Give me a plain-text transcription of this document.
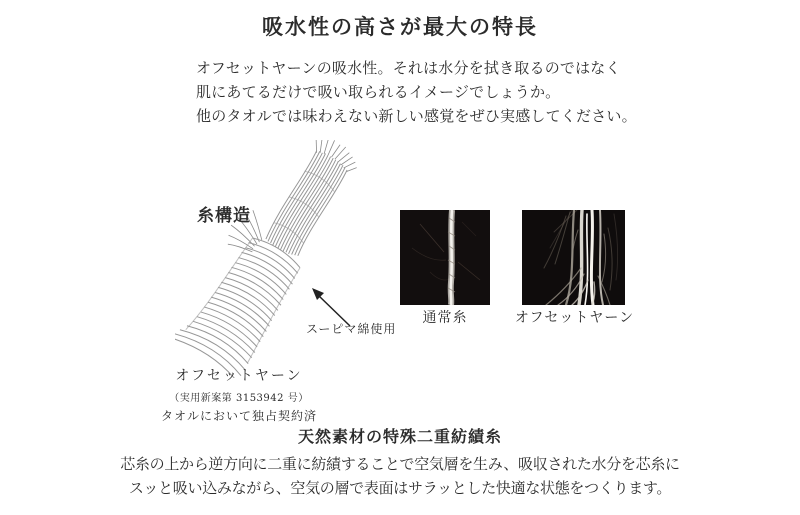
吸水性の高さが最大の特長
オフセットヤーンの吸水性。それは水分を拭き取るのではなく
肌にあてるだけで吸い取られるイメージでしょうか。
他のタオルでは味わえない新しい感覚をぜひ実感してください。
糸構造
スーピマ綿使用
通常糸	オフセットヤーン
オフセットヤーン
（実用新案第 3153942 号）
タオルにおいて独占契約済
天然素材の特殊二重紡績糸
芯糸の上から逆方向に二重に紡績することで空気層を生み、吸収された水分を芯糸に
スッと吸い込みながら、空気の層で表面はサラッとした快適な状態をつくります。
